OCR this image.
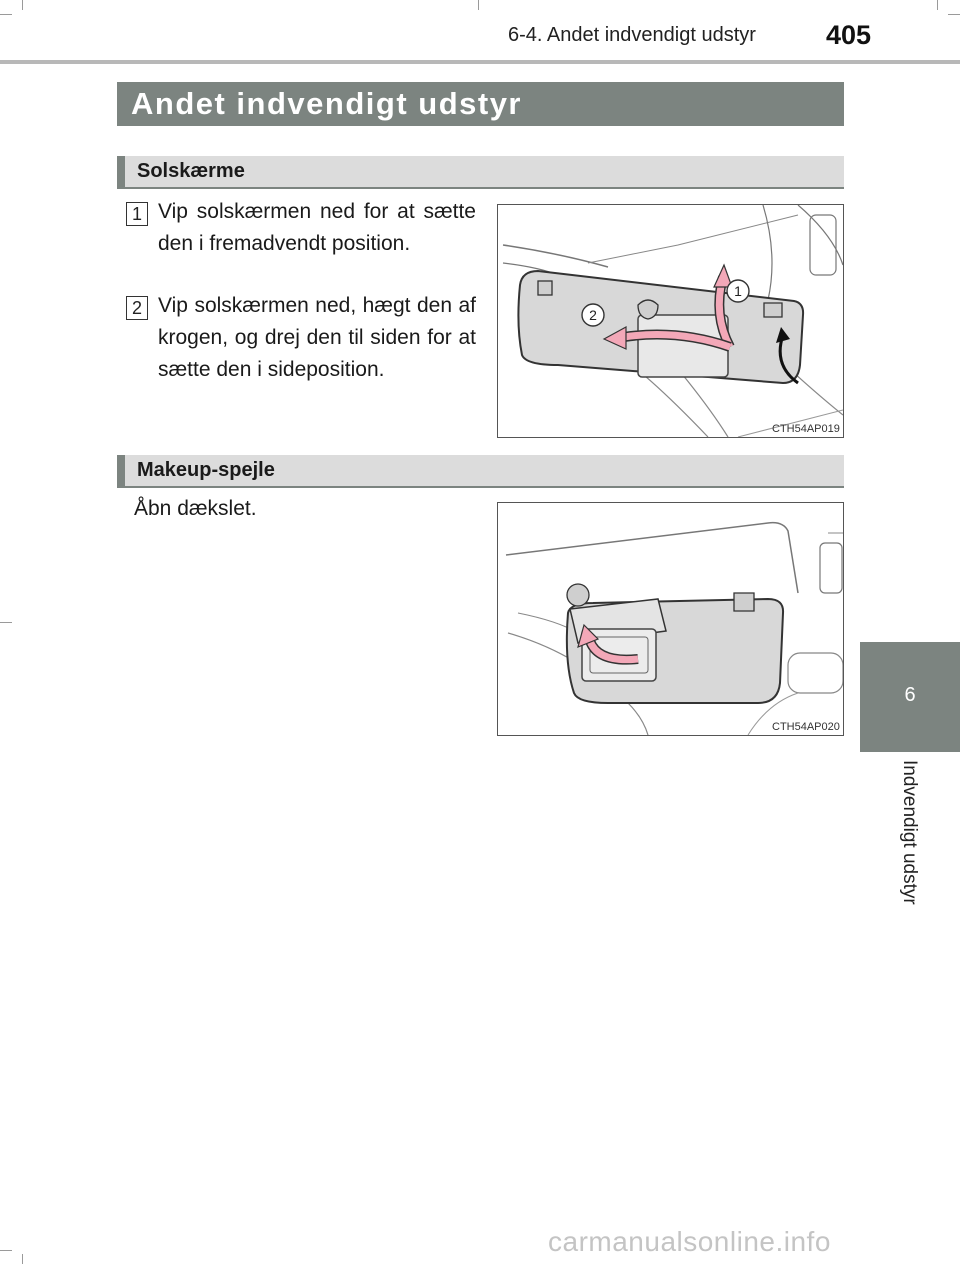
6-4. Andet indvendigt udstyr	405
6
Indvendigt udstyr
Andet indvendigt udstyr
Solskærme
1 Vip solskærmen ned for at sætte den i fremadvendt position.
2 Vip solskærmen ned, hægt den af krogen, og drej den til siden for at sætte den i sideposition.
1
2
CTH54AP019
Makeup-spejle
Åbn dækslet.
CTH54AP020
carmanualsonline.info
